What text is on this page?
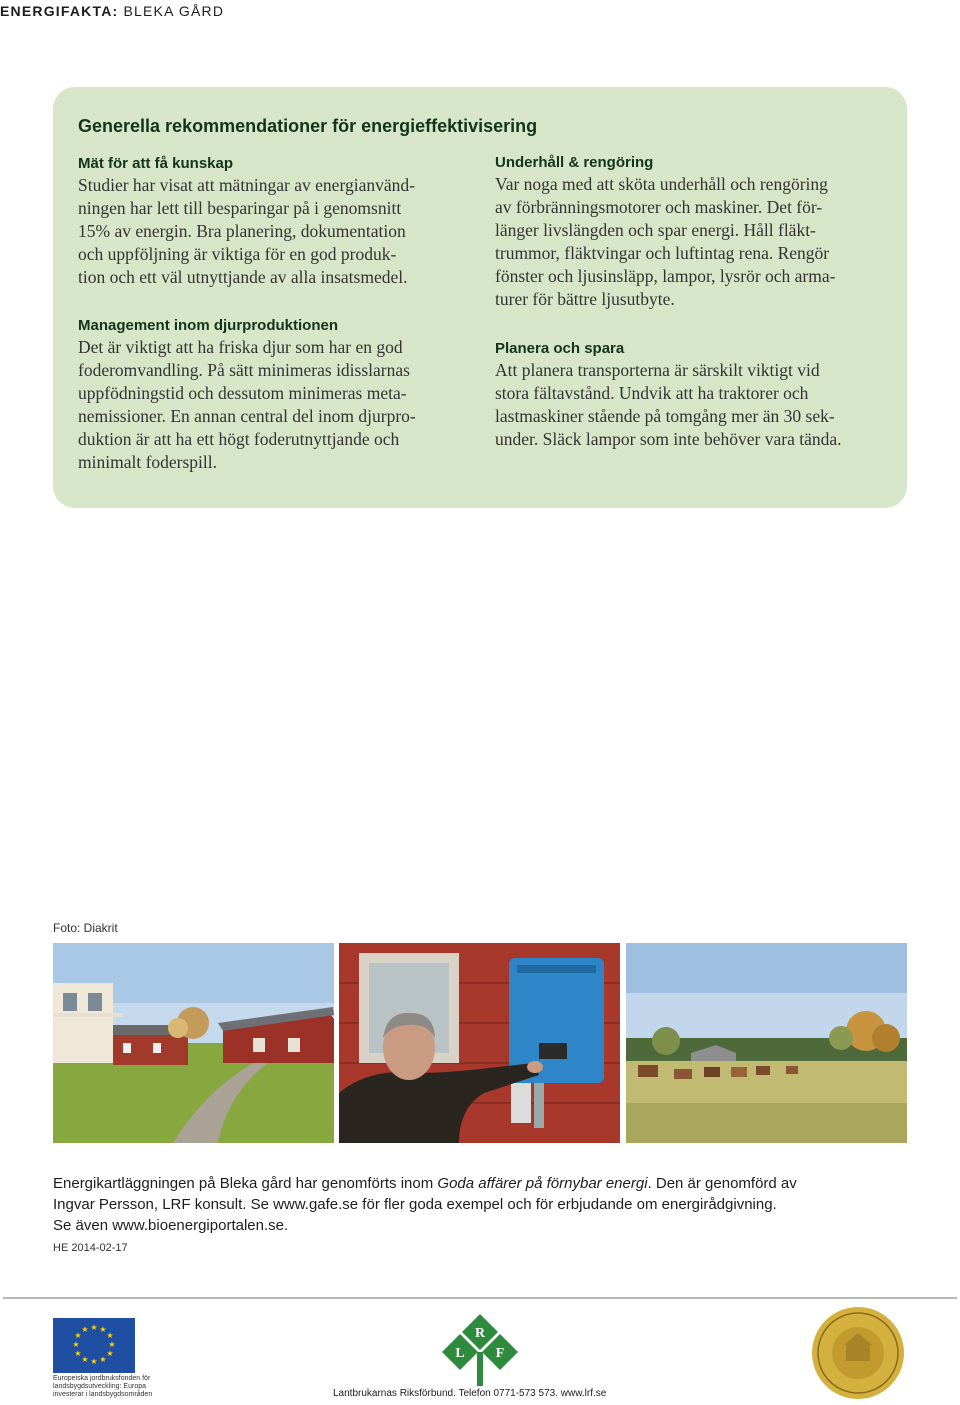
ENERGIFAKTA: BLEKA GÅRD
Generella rekommendationer för energieffektivisering
Mät för att få kunskap

Studier har visat att mätningar av energianvänd-

ningen har lett till besparingar på i genomsnitt

15% av energin. Bra planering, dokumentation

och uppföljning är viktiga för en god produk-

tion och ett väl utnyttjande av alla insatsmedel.

Management inom djurproduktionen

Det är viktigt att ha friska djur som har en god

foderomvandling. På sätt minimeras idisslarnas

uppfödningstid och dessutom minimeras meta-

nemissioner. En annan central del inom djurpro-

duktion är att ha ett högt foderutnyttjande och

minimalt foderspill.

Underhåll & rengöring

Var noga med att sköta underhåll och rengöring

av förbränningsmotorer och maskiner. Det för-

länger livslängden och spar energi. Håll fläkt-

trummor, fläktvingar och luftintag rena. Rengör

fönster och ljusinsläpp, lampor, lysrör och arma-

turer för bättre ljusutbyte.

Planera och spara

Att planera transporterna är särskilt viktigt vid

stora fältavstånd. Undvik att ha traktorer och

lastmaskiner stående på tomgång mer än 30 sek-

under. Släck lampor som inte behöver vara tända.

Foto: Diakrit

Energikartläggningen på Bleka gård har genomförts inom Goda affärer på förnybar energi. Den är genomförd av

Ingvar Persson, LRF konsult. Se www.gafe.se för fler goda exempel och för erbjudande om energirådgivning.

Se även www.bioenergiportalen.se.

HE 2014-02-17
★ ★
★
★
★
★
★
★
★
★
★
★
Europeiska jordbruksfonden för
landsbygdsutveckling: Europa
investerar i landsbygdsområden
R
L F
Lantbrukarnas Riksförbund. Telefon 0771-573 573. www.lrf.se
